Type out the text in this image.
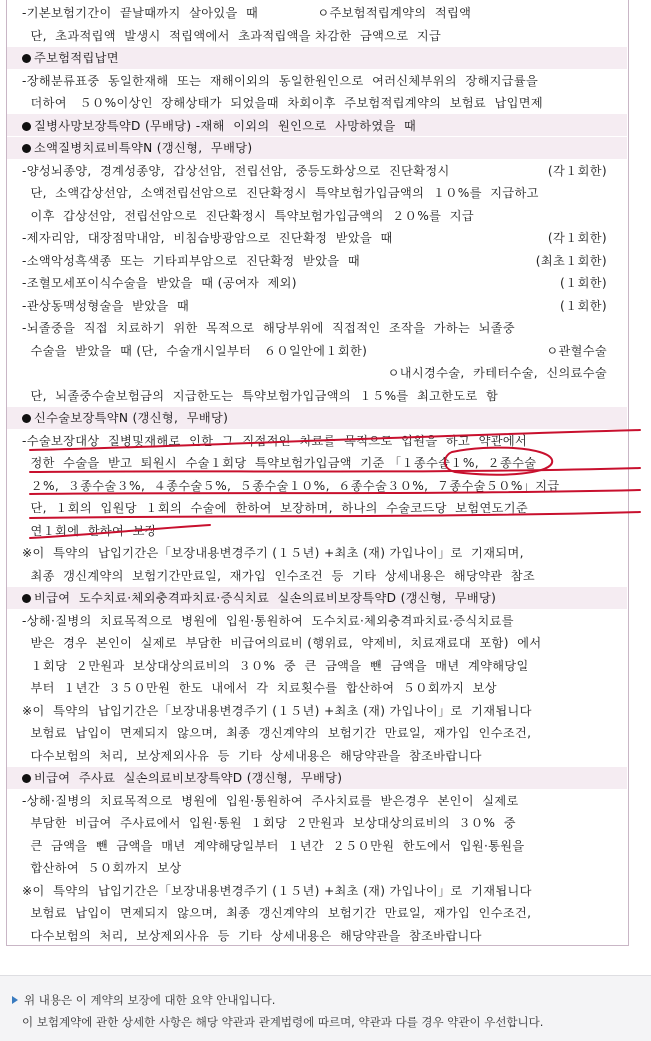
-기본보험기간이  끝날때까지  살아있을  때              ㅇ주보험적립계약의  적립액
단,  초과적립액  발생시  적립액에서  초과적립액을 차감한  금액으로  지급
주보험적립납면
-장해분류표중  동일한재해  또는  재해이외의  동일한원인으로  여러신체부위의  장해지급률을
더하여   ５０%이상인  장해상태가  되었을때  차회이후  주보험적립계약의  보험료  납입면제
질병사망보장특약D (무배당) -재해  이외의  원인으로  사망하였을  때
소액질병치료비특약N (갱신형,  무배당)
-양성뇌종양,  경계성종양,  갑상선암,  전립선암,  중등도화상으로  진단확정시	(각１회한)
단,  소액갑상선암,  소액전립선암으로  진단확정시  특약보험가입금액의  １０%를  지급하고
이후  갑상선암,  전립선암으로  진단확정시  특약보험가입금액의  ２０%를  지급
-제자리암,  대장점막내암,  비침습방광암으로  진단확정  받았을  때	(각１회한)
-소액악성흑색종  또는  기타피부암으로  진단확정  받았을  때	(최초１회한)
-조혈모세포이식수술을  받았을  때 (공여자  제외)	(１회한)
-관상동맥성형술을  받았을  때	(１회한)
-뇌졸중을  직접  치료하기  위한  목적으로  해당부위에  직접적인  조작을  가하는  뇌졸중
수술을  받았을  때 (단,  수술개시일부터   ６０일안에１회한)	ㅇ관혈수술
ㅇ내시경수술,  카테터수술,  신의료수술
단,  뇌졸중수술보험금의  지급한도는  특약보험가입금액의  １５%를  최고한도로  함
신수술보장특약N (갱신형,  무배당)
-수술보장대상  질병및재해로  인한  그  직접적인  치료를  목적으로  입원을  하고  약관에서
정한  수술을  받고  퇴원시  수술１회당  특약보험가입금액  기준 「１종수술１%,  ２종수술
２%,  ３종수술３%,  ４종수술５%,  ５종수술１０%,  ６종수술３０%,  ７종수술５０%」지급
단,  １회의  입원당  １회의  수술에  한하여  보장하며,  하나의  수술코드당  보험연도기준
연１회에  한하여  보장
※이  특약의  납입기간은「보장내용변경주기 (１５년) +최초 (재) 가입나이」로  기재되며,
최종  갱신계약의  보험기간만료일,  재가입  인수조건  등  기타  상세내용은  해당약관  참조
비급여  도수치료·체외충격파치료·증식치료  실손의료비보장특약D (갱신형,  무배당)
-상해·질병의  치료목적으로  병원에  입원·통원하여  도수치료·체외충격파치료·증식치료를
받은  경우  본인이  실제로  부담한  비급여의료비 (행위료,  약제비,  치료재료대  포함)  에서
１회당  ２만원과  보상대상의료비의  ３０%  중  큰  금액을  뺀  금액을  매년  계약해당일
부터  １년간  ３５０만원  한도  내에서  각  치료횟수를  합산하여  ５０회까지  보상
※이  특약의  납입기간은「보장내용변경주기 (１５년) +최초 (재) 가입나이」로  기재됩니다
보험료  납입이  면제되지  않으며,  최종  갱신계약의  보험기간  만료일,  재가입  인수조건,
다수보험의  처리,  보상제외사유  등  기타  상세내용은  해당약관을  참조바랍니다
비급여  주사료  실손의료비보장특약D (갱신형,  무배당)
-상해·질병의  치료목적으로  병원에  입원·통원하여  주사치료를  받은경우  본인이  실제로
부담한  비급여  주사료에서  입원·통원  １회당  ２만원과  보상대상의료비의  ３０%  중
큰  금액을  뺀  금액을  매년  계약해당일부터  １년간  ２５０만원  한도에서  입원·통원을
합산하여  ５０회까지  보상
※이  특약의  납입기간은「보장내용변경주기 (１５년) +최초 (재) 가입나이」로  기재됩니다
보험료  납입이  면제되지  않으며,  최종  갱신계약의  보험기간  만료일,  재가입  인수조건,
다수보험의  처리,  보상제외사유  등  기타  상세내용은  해당약관을  참조바랍니다
위 내용은 이 계약의 보장에 대한 요약 안내입니다.
이 보험계약에 관한 상세한 사항은 해당 약관과 관계법령에 따르며, 약관과 다를 경우 약관이 우선합니다.
